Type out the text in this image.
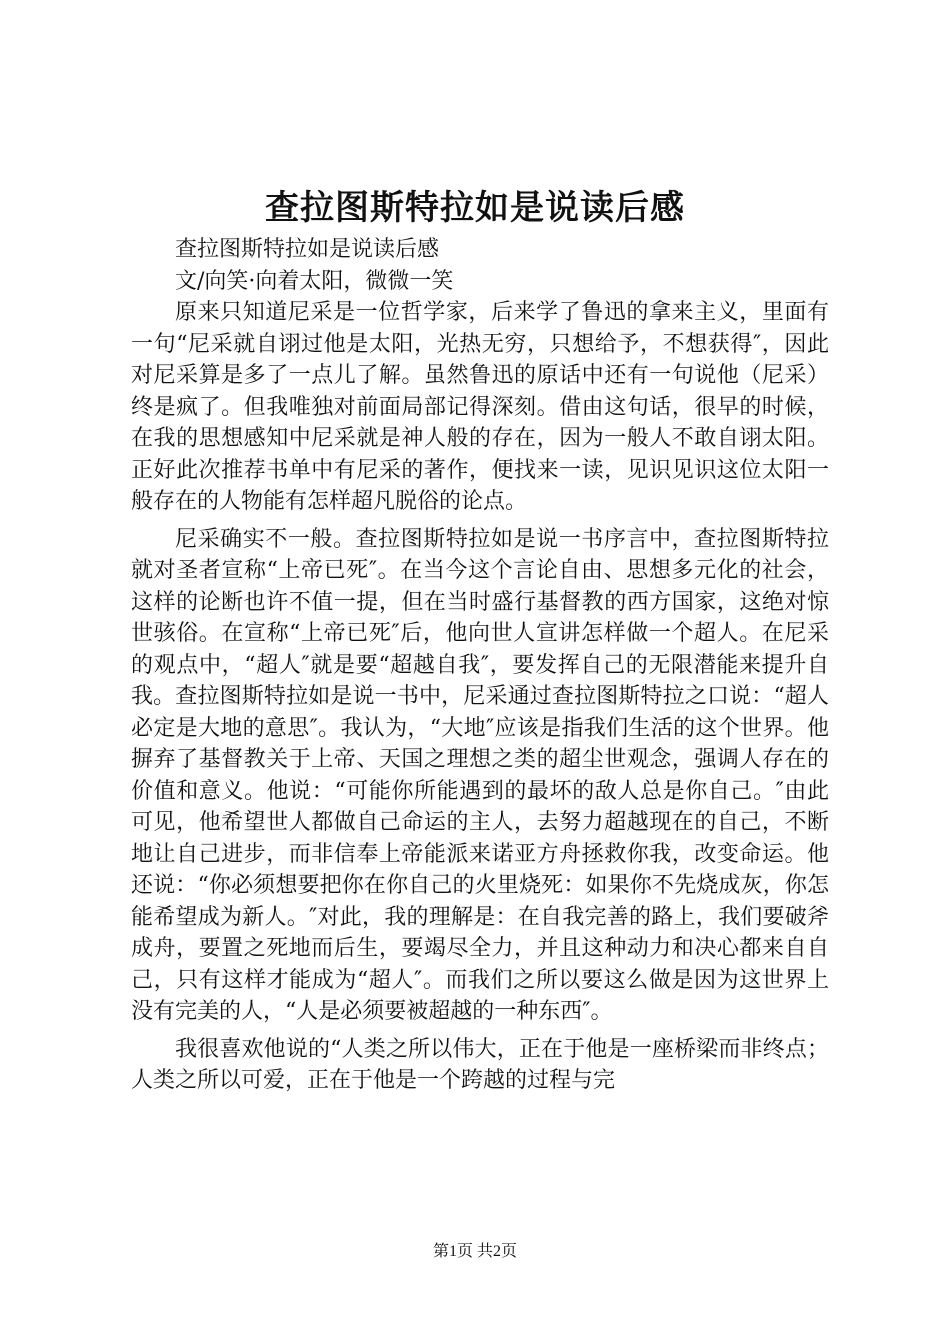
查拉图斯特拉如是说读后感

查拉图斯特拉如是说读后感

文/向笑·向着太阳，微微一笑

原来只知道尼采是一位哲学家，后来学了鲁迅的拿来主义，里面有一句“尼采就自诩过他是太阳，光热无穷，只想给予，不想获得″，因此对尼采算是多了一点儿了解。虽然鲁迅的原话中还有一句说他（尼采）终是疯了。但我唯独对前面局部记得深刻。借由这句话，很早的时候，在我的思想感知中尼采就是神人般的存在，因为一般人不敢自诩太阳。正好此次推荐书单中有尼采的著作，便找来一读，见识见识这位太阳一般存在的人物能有怎样超凡脱俗的论点。

尼采确实不一般。查拉图斯特拉如是说一书序言中，查拉图斯特拉就对圣者宣称“上帝已死″。在当今这个言论自由、思想多元化的社会，这样的论断也许不值一提，但在当时盛行基督教的西方国家，这绝对惊世骇俗。在宣称“上帝已死″后，他向世人宣讲怎样做一个超人。在尼采的观点中，“超人″就是要“超越自我″，要发挥自己的无限潜能来提升自我。查拉图斯特拉如是说一书中，尼采通过查拉图斯特拉之口说：“超人必定是大地的意思″。我认为，“大地″应该是指我们生活的这个世界。他摒弃了基督教关于上帝、天国之理想之类的超尘世观念，强调人存在的价值和意义。他说：“可能你所能遇到的最坏的敌人总是你自己。″由此可见，他希望世人都做自己命运的主人，去努力超越现在的自己，不断地让自己进步，而非信奉上帝能派来诺亚方舟拯救你我，改变命运。他还说：“你必须想要把你在你自己的火里烧死：如果你不先烧成灰，你怎能希望成为新人。″对此，我的理解是：在自我完善的路上，我们要破斧成舟，要置之死地而后生，要竭尽全力，并且这种动力和决心都来自自己，只有这样才能成为“超人″。而我们之所以要这么做是因为这世界上没有完美的人，“人是必须要被超越的一种东西″。

我很喜欢他说的“人类之所以伟大，正在于他是一座桥梁而非终点；人类之所以可爱，正在于他是一个跨越的过程与完

第1页 共2页
